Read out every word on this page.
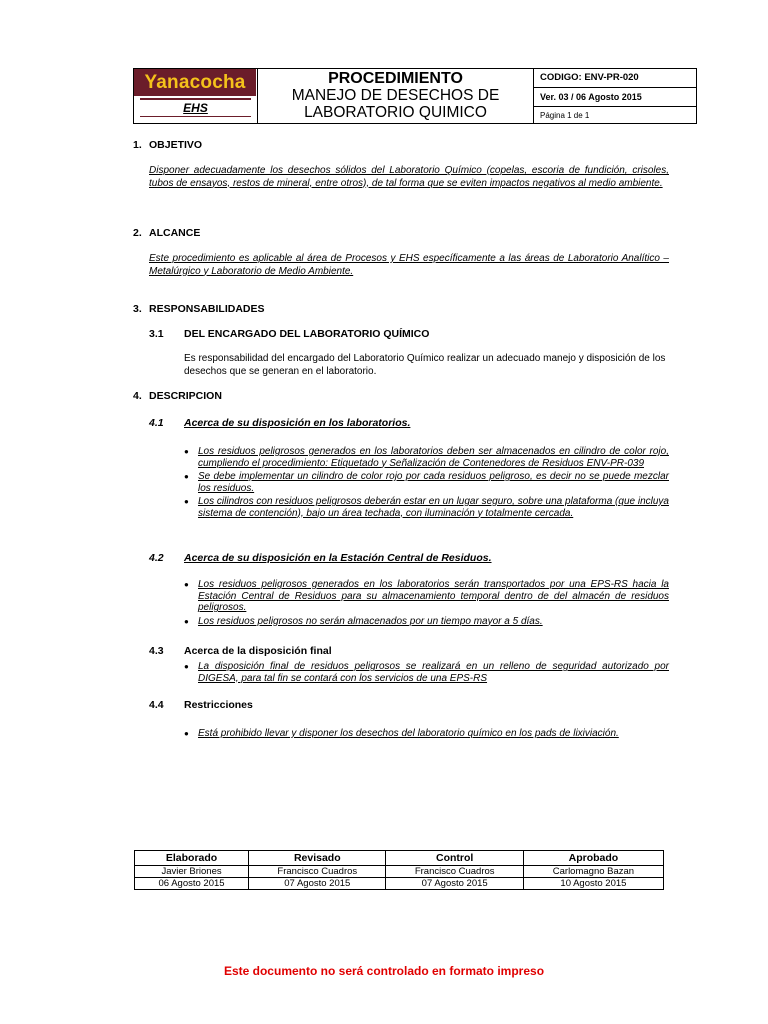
Yanacocha
EHS
PROCEDIMIENTO
MANEJO DE DESECHOS DE
LABORATORIO QUIMICO
CODIGO: ENV-PR-020
Ver. 03 / 06 Agosto 2015
Página 1 de 1
1. OBJETIVO
Disponer adecuadamente los desechos sólidos del Laboratorio Químico (copelas, escoria de fundición, crisoles, tubos de ensayos, restos de mineral, entre otros), de tal forma que se eviten impactos negativos al medio ambiente.
2. ALCANCE
Este procedimiento es aplicable al área de Procesos y EHS específicamente a las áreas de Laboratorio Analítico – Metalúrgico y Laboratorio de Medio Ambiente.
3. RESPONSABILIDADES
3.1 DEL ENCARGADO DEL LABORATORIO QUÍMICO
Es responsabilidad del encargado del Laboratorio Químico realizar un adecuado manejo y disposición de los desechos que se generan en el laboratorio.
4. DESCRIPCION
4.1 Acerca de su disposición en los laboratorios.
● Los residuos peligrosos generados en los laboratorios deben ser almacenados en cilindro de color rojo, cumpliendo el procedimiento: Etiquetado y Señalización de Contenedores de Residuos ENV-PR-039
● Se debe implementar un cilindro de color rojo por cada residuos peligroso, es decir no se puede mezclar los residuos.
● Los cilindros con residuos peligrosos deberán estar en un lugar seguro, sobre una plataforma (que incluya sistema de contención), bajo un área techada, con iluminación y totalmente cercada.
4.2 Acerca de su disposición en la Estación Central de Residuos.
● Los residuos peligrosos generados en los laboratorios serán transportados por una EPS-RS hacia la Estación Central de Residuos para su almacenamiento temporal dentro de del almacén de residuos peligrosos.
● Los residuos peligrosos no serán almacenados por un tiempo mayor a 5 días.
4.3 Acerca de la disposición final
● La disposición final de residuos peligrosos se realizará en un relleno de seguridad autorizado por DIGESA, para tal fin se contará con los servicios de una EPS-RS
4.4 Restricciones
● Está prohibido llevar y disponer los desechos del laboratorio químico en los pads de lixiviación.
Elaborado	Revisado	Control	Aprobado
Javier Briones	Francisco Cuadros	Francisco Cuadros	Carlomagno Bazan
06 Agosto 2015	07 Agosto 2015	07 Agosto 2015	10 Agosto 2015
Este documento no será controlado en formato impreso
